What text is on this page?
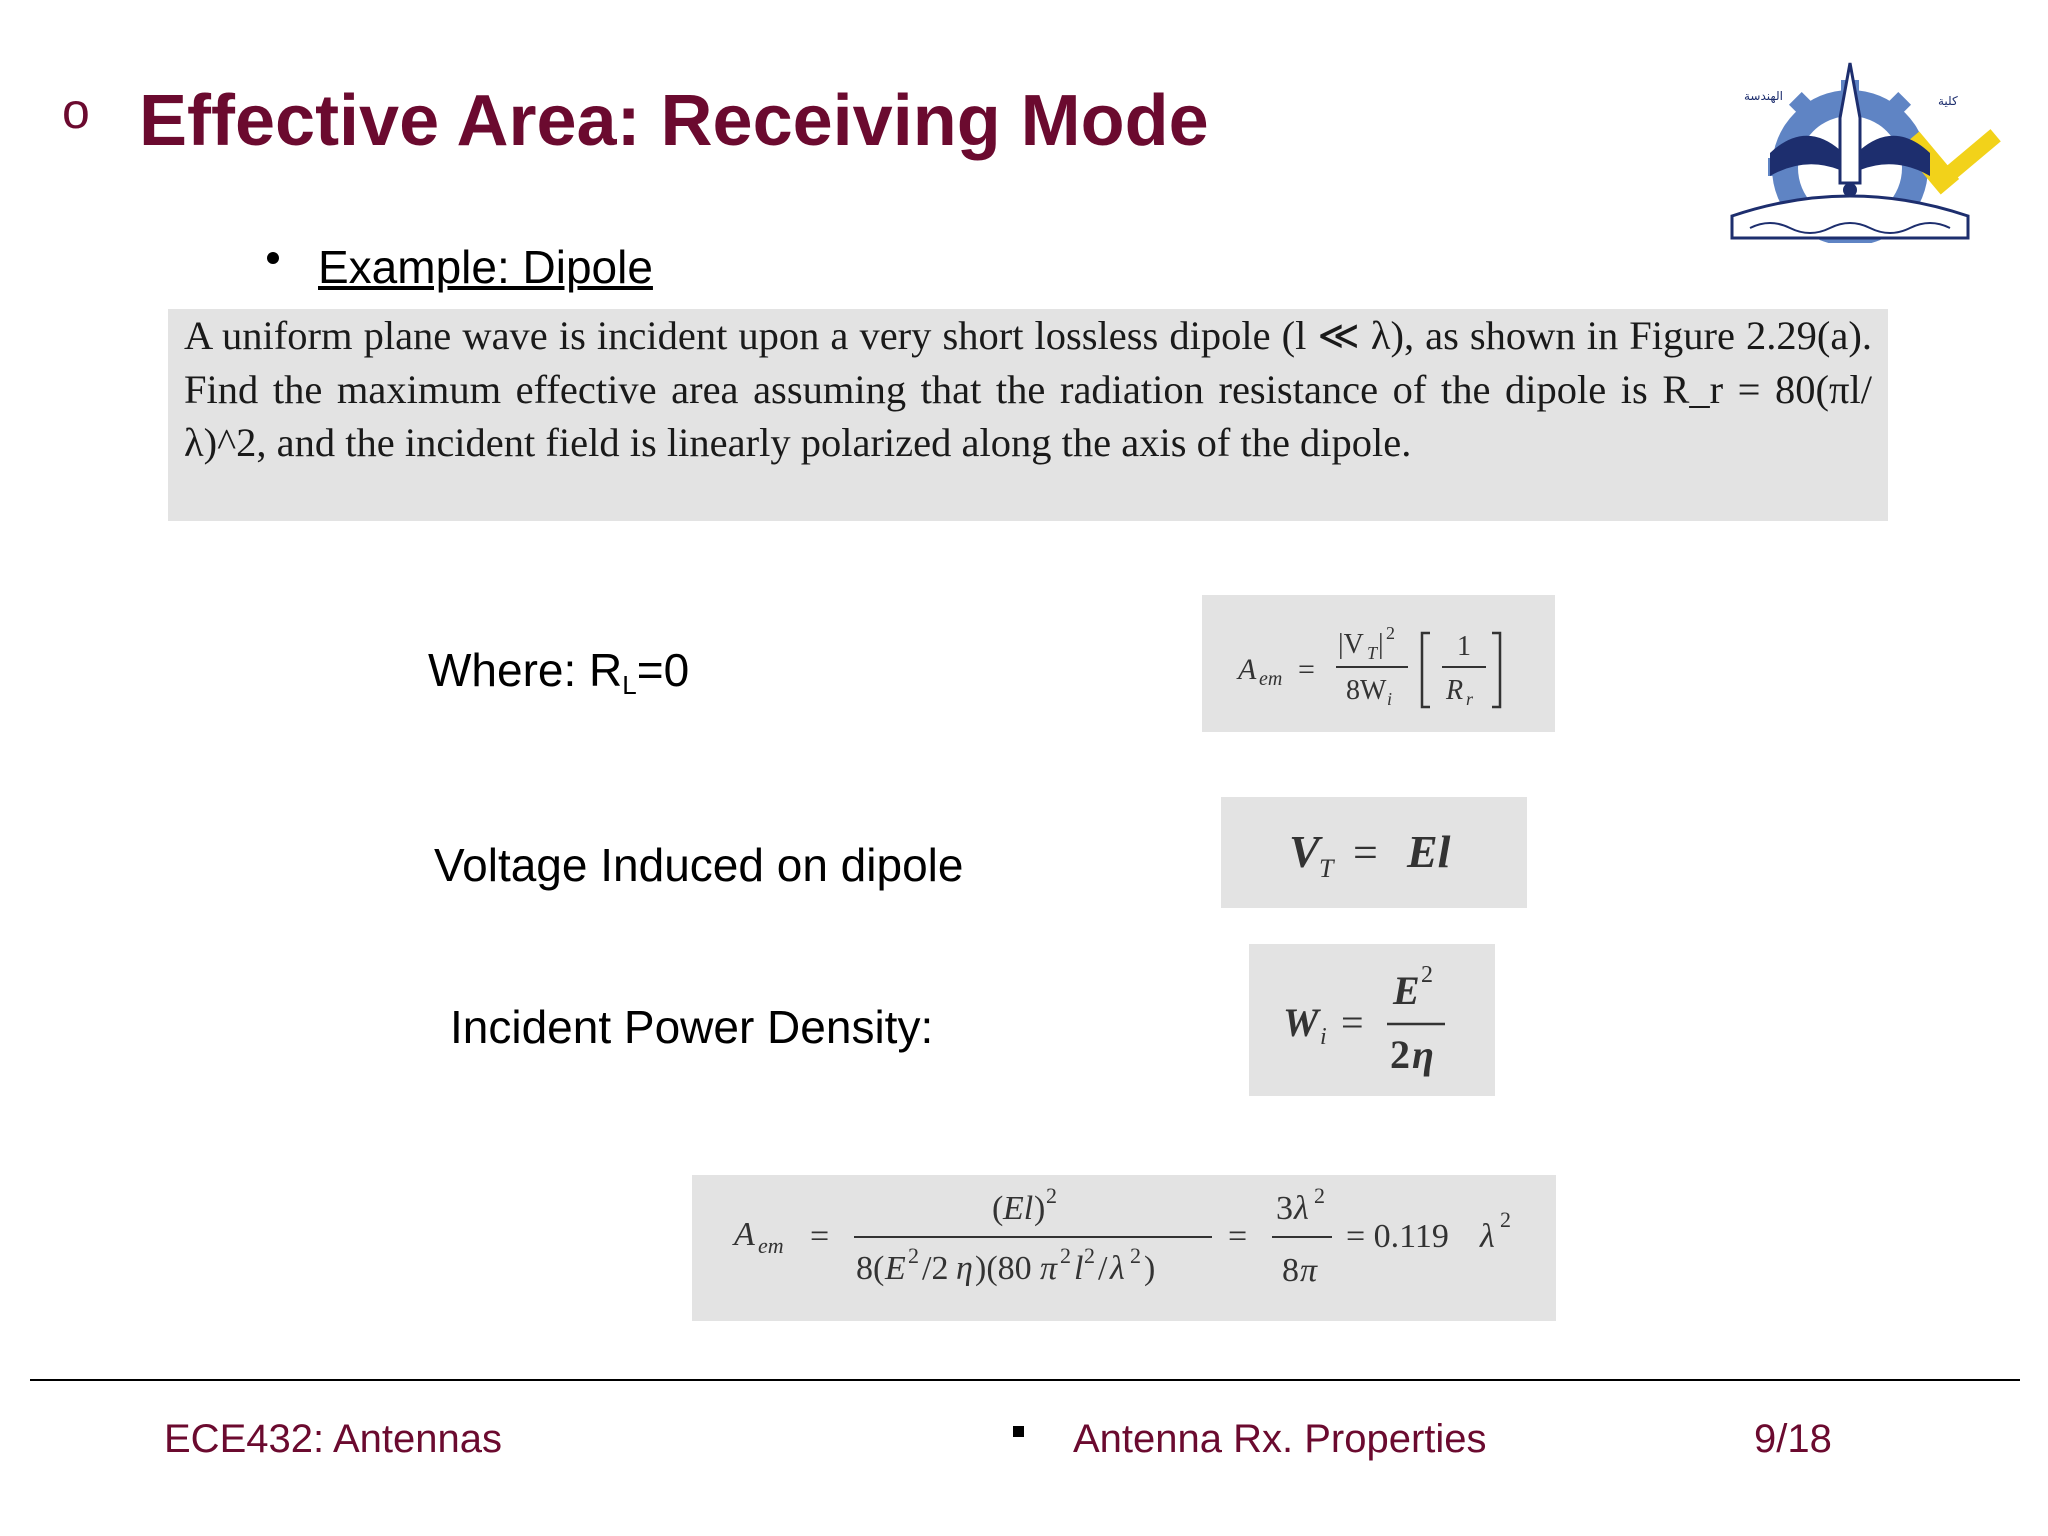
o Effective Area: Receiving Mode	كلية
الهندسة
Example: Dipole
A uniform plane wave is incident upon a very short lossless dipole (l ≪ λ), as shown in Figure 2.29(a). Find the maximum effective area assuming that the radiation resistance of the dipole is R_r = 80(πl/λ)^2, and the incident field is linearly polarized along the axis of the dipole.
Where: $R_L=0$	A em =
|V T | 2
8W i
1
R r
Voltage Induced on dipole	V T = El
Incident Power Density:	W i =
E 2
2 η
A em =
( El ) 2
8( E 2 /2 η )(80 π 2 l 2 / λ 2 )
=
3 λ 2
8 π
= 0.119 λ 2
ECE432: Antennas	Antenna Rx. Properties	9/18
